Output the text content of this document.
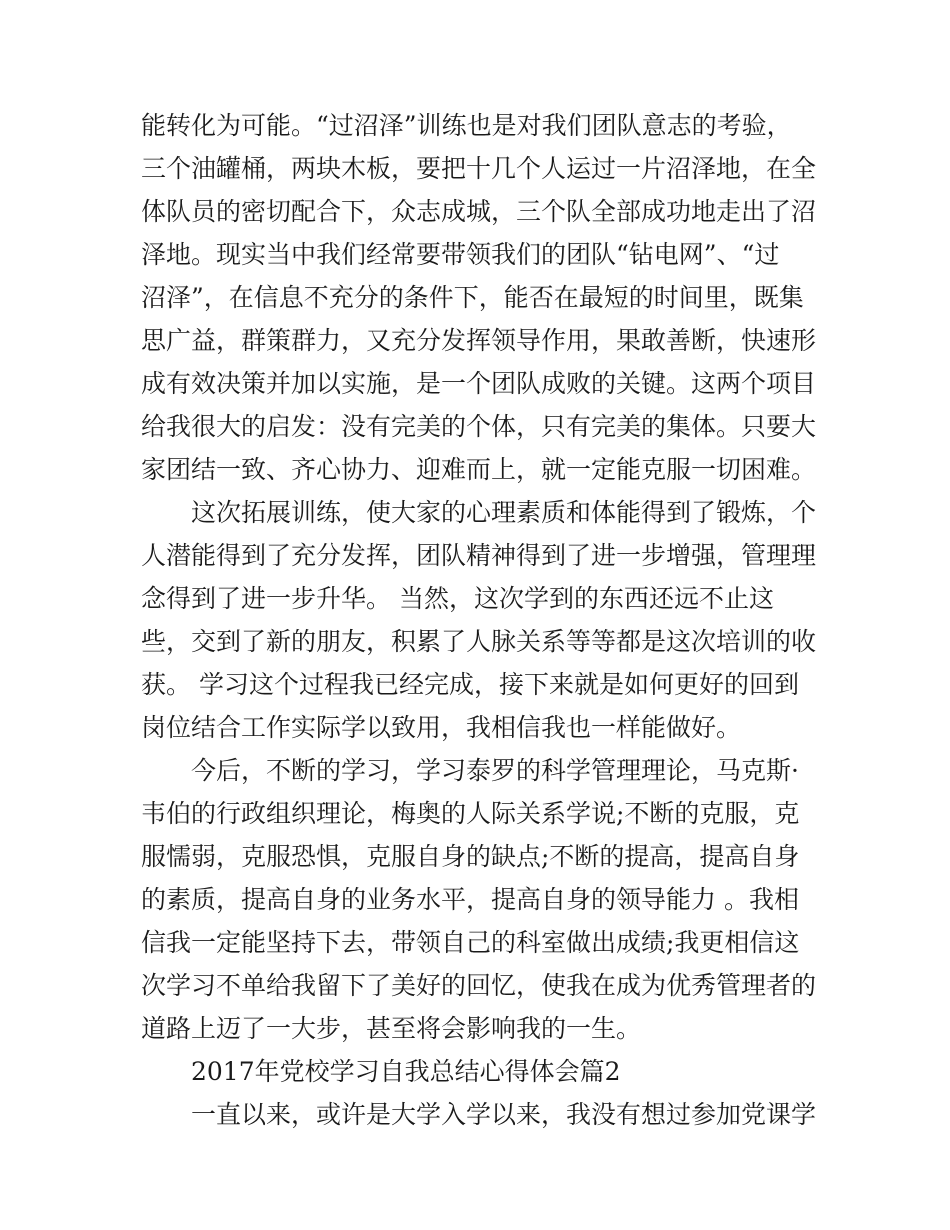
能转化为可能。“过沼泽”训练也是对我们团队意志的考验，
三个油罐桶，两块木板，要把十几个人运过一片沼泽地，在全
体队员的密切配合下，众志成城，三个队全部成功地走出了沼
泽地。现实当中我们经常要带领我们的团队“钻电网”、“过
沼泽”，在信息不充分的条件下，能否在最短的时间里，既集
思广益，群策群力，又充分发挥领导作用，果敢善断，快速形
成有效决策并加以实施，是一个团队成败的关键。这两个项目
给我很大的启发：没有完美的个体，只有完美的集体。只要大
家团结一致、齐心协力、迎难而上，就一定能克服一切困难。
这次拓展训练，使大家的心理素质和体能得到了锻炼，个
人潜能得到了充分发挥，团队精神得到了进一步增强，管理理
念得到了进一步升华。 当然，这次学到的东西还远不止这
些，交到了新的朋友，积累了人脉关系等等都是这次培训的收
获。 学习这个过程我已经完成，接下来就是如何更好的回到
岗位结合工作实际学以致用，我相信我也一样能做好。
今后，不断的学习，学习泰罗的科学管理理论，马克斯·
韦伯的行政组织理论，梅奥的人际关系学说;不断的克服，克
服懦弱，克服恐惧，克服自身的缺点;不断的提高，提高自身
的素质，提高自身的业务水平，提高自身的领导能力 。我相
信我一定能坚持下去，带领自己的科室做出成绩;我更相信这
次学习不单给我留下了美好的回忆，使我在成为优秀管理者的
道路上迈了一大步，甚至将会影响我的一生。
2017年党校学习自我总结心得体会篇2
一直以来，或许是大学入学以来，我没有想过参加党课学
